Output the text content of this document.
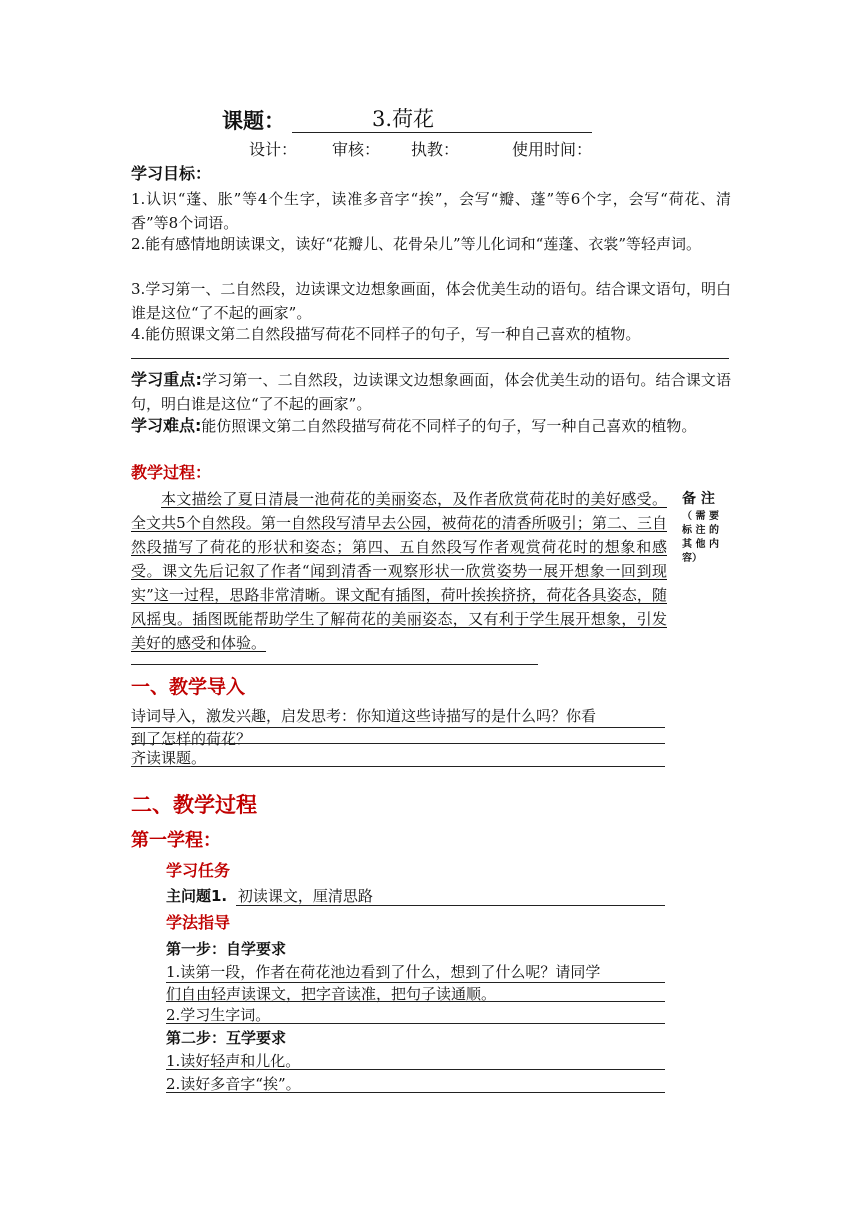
课题：	3.荷花
设计： 审核： 执教：	使用时间：
学习目标：
1.认识“蓬、胀”等4个生字，读准多音字“挨”，会写“瓣、蓬”等6个字，会写“荷花、清香”等8个词语。
2.能有感情地朗读课文，读好“花瓣儿、花骨朵儿”等儿化词和“莲蓬、衣裳”等轻声词。
3.学习第一、二自然段，边读课文边想象画面，体会优美生动的语句。结合课文语句，明白谁是这位“了不起的画家”。
4.能仿照课文第二自然段描写荷花不同样子的句子，写一种自己喜欢的植物。
学习重点:学习第一、二自然段，边读课文边想象画面，体会优美生动的语句。结合课文语句，明白谁是这位“了不起的画家”。
学习难点:能仿照课文第二自然段描写荷花不同样子的句子，写一种自己喜欢的植物。
教学过程：
本文描绘了夏日清晨一池荷花的美丽姿态，及作者欣赏荷花时的美好感受。全文共5个自然段。第一自然段写清早去公园，被荷花的清香所吸引；第二、三自然段描写了荷花的形状和姿态；第四、五自然段写作者观赏荷花时的想象和感受。课文先后记叙了作者“闻到清香一观察形状一欣赏姿势一展开想象一回到现实”这一过程，思路非常清晰。课文配有插图，荷叶挨挨挤挤，荷花各具姿态，随风摇曳。插图既能帮助学生了解荷花的美丽姿态，又有利于学生展开想象，引发美好的感受和体验。
备 注
（ 需 要
标 注 的
其 他 内
容）
一、教学导入
诗词导入，激发兴趣，启发思考：你知道这些诗描写的是什么吗？你看
到了怎样的荷花？
齐读课题。
二、教学过程
第一学程：
学习任务
主问题1. 初读课文，厘清思路
学法指导
第一步：自学要求
1.读第一段，作者在荷花池边看到了什么，想到了什么呢？请同学
们自由轻声读课文，把字音读准，把句子读通顺。
2.学习生字词。
第二步：互学要求
1.读好轻声和儿化。
2.读好多音字“挨”。
